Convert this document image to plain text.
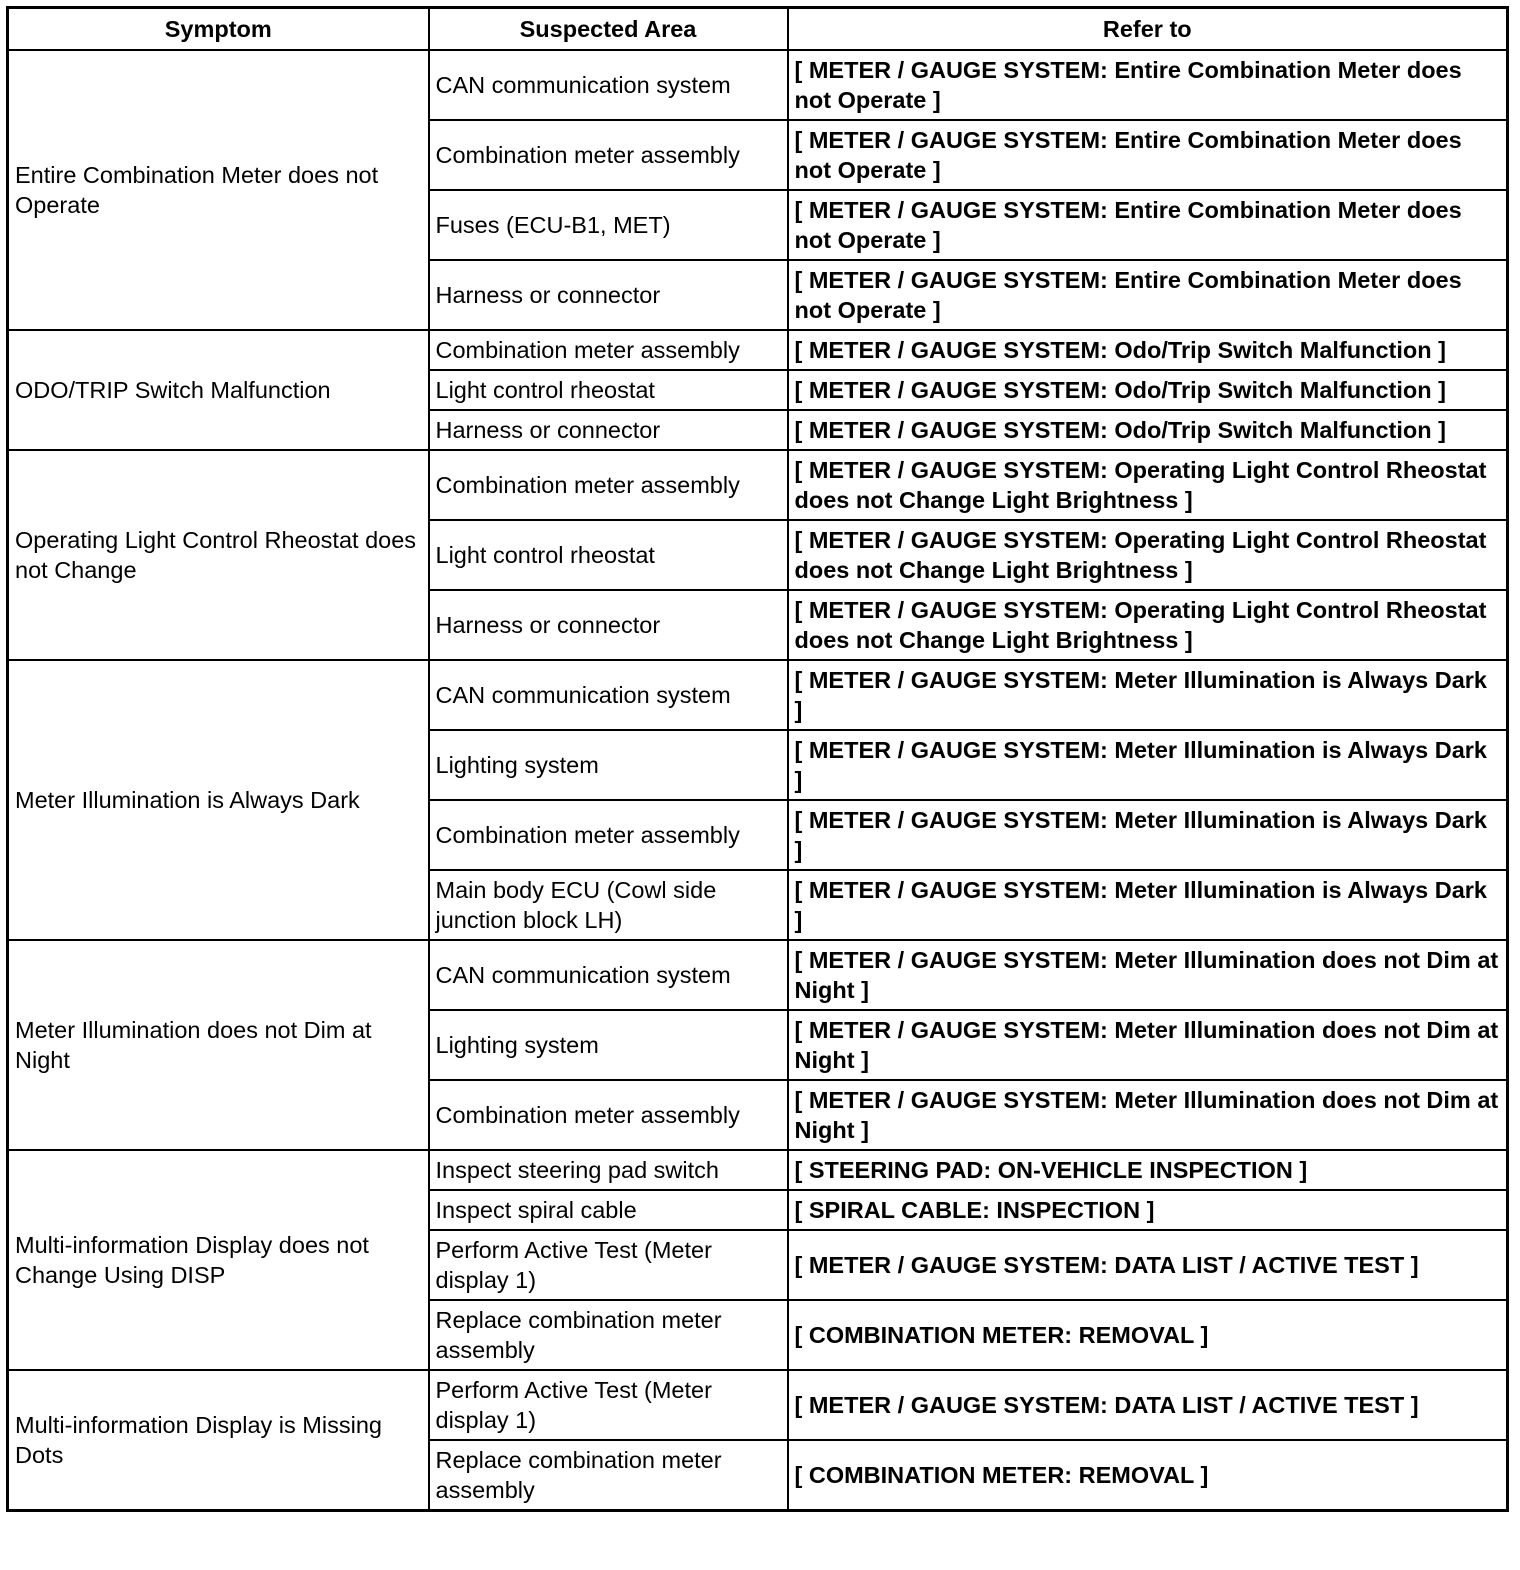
Symptom	Suspected Area	Refer to
Entire Combination Meter does not Operate	CAN communication system	[ METER / GAUGE SYSTEM: Entire Combination Meter does not Operate ]
	Combination meter assembly	[ METER / GAUGE SYSTEM: Entire Combination Meter does not Operate ]
	Fuses (ECU-B1, MET)	[ METER / GAUGE SYSTEM: Entire Combination Meter does not Operate ]
	Harness or connector	[ METER / GAUGE SYSTEM: Entire Combination Meter does not Operate ]
ODO/TRIP Switch Malfunction	Combination meter assembly	[ METER / GAUGE SYSTEM: Odo/Trip Switch Malfunction ]
	Light control rheostat	[ METER / GAUGE SYSTEM: Odo/Trip Switch Malfunction ]
	Harness or connector	[ METER / GAUGE SYSTEM: Odo/Trip Switch Malfunction ]
Operating Light Control Rheostat does not Change	Combination meter assembly	[ METER / GAUGE SYSTEM: Operating Light Control Rheostat does not Change Light Brightness ]
	Light control rheostat	[ METER / GAUGE SYSTEM: Operating Light Control Rheostat does not Change Light Brightness ]
	Harness or connector	[ METER / GAUGE SYSTEM: Operating Light Control Rheostat does not Change Light Brightness ]
Meter Illumination is Always Dark	CAN communication system	[ METER / GAUGE SYSTEM: Meter Illumination is Always Dark ]
	Lighting system	[ METER / GAUGE SYSTEM: Meter Illumination is Always Dark ]
	Combination meter assembly	[ METER / GAUGE SYSTEM: Meter Illumination is Always Dark ]
	Main body ECU (Cowl side junction block LH)	[ METER / GAUGE SYSTEM: Meter Illumination is Always Dark ]
Meter Illumination does not Dim at Night	CAN communication system	[ METER / GAUGE SYSTEM: Meter Illumination does not Dim at Night ]
	Lighting system	[ METER / GAUGE SYSTEM: Meter Illumination does not Dim at Night ]
	Combination meter assembly	[ METER / GAUGE SYSTEM: Meter Illumination does not Dim at Night ]
Multi-information Display does not Change Using DISP	Inspect steering pad switch	[ STEERING PAD: ON-VEHICLE INSPECTION ]
	Inspect spiral cable	[ SPIRAL CABLE: INSPECTION ]
	Perform Active Test (Meter display 1)	[ METER / GAUGE SYSTEM: DATA LIST / ACTIVE TEST ]
	Replace combination meter assembly	[ COMBINATION METER: REMOVAL ]
Multi-information Display is Missing Dots	Perform Active Test (Meter display 1)	[ METER / GAUGE SYSTEM: DATA LIST / ACTIVE TEST ]
	Replace combination meter assembly	[ COMBINATION METER: REMOVAL ]
